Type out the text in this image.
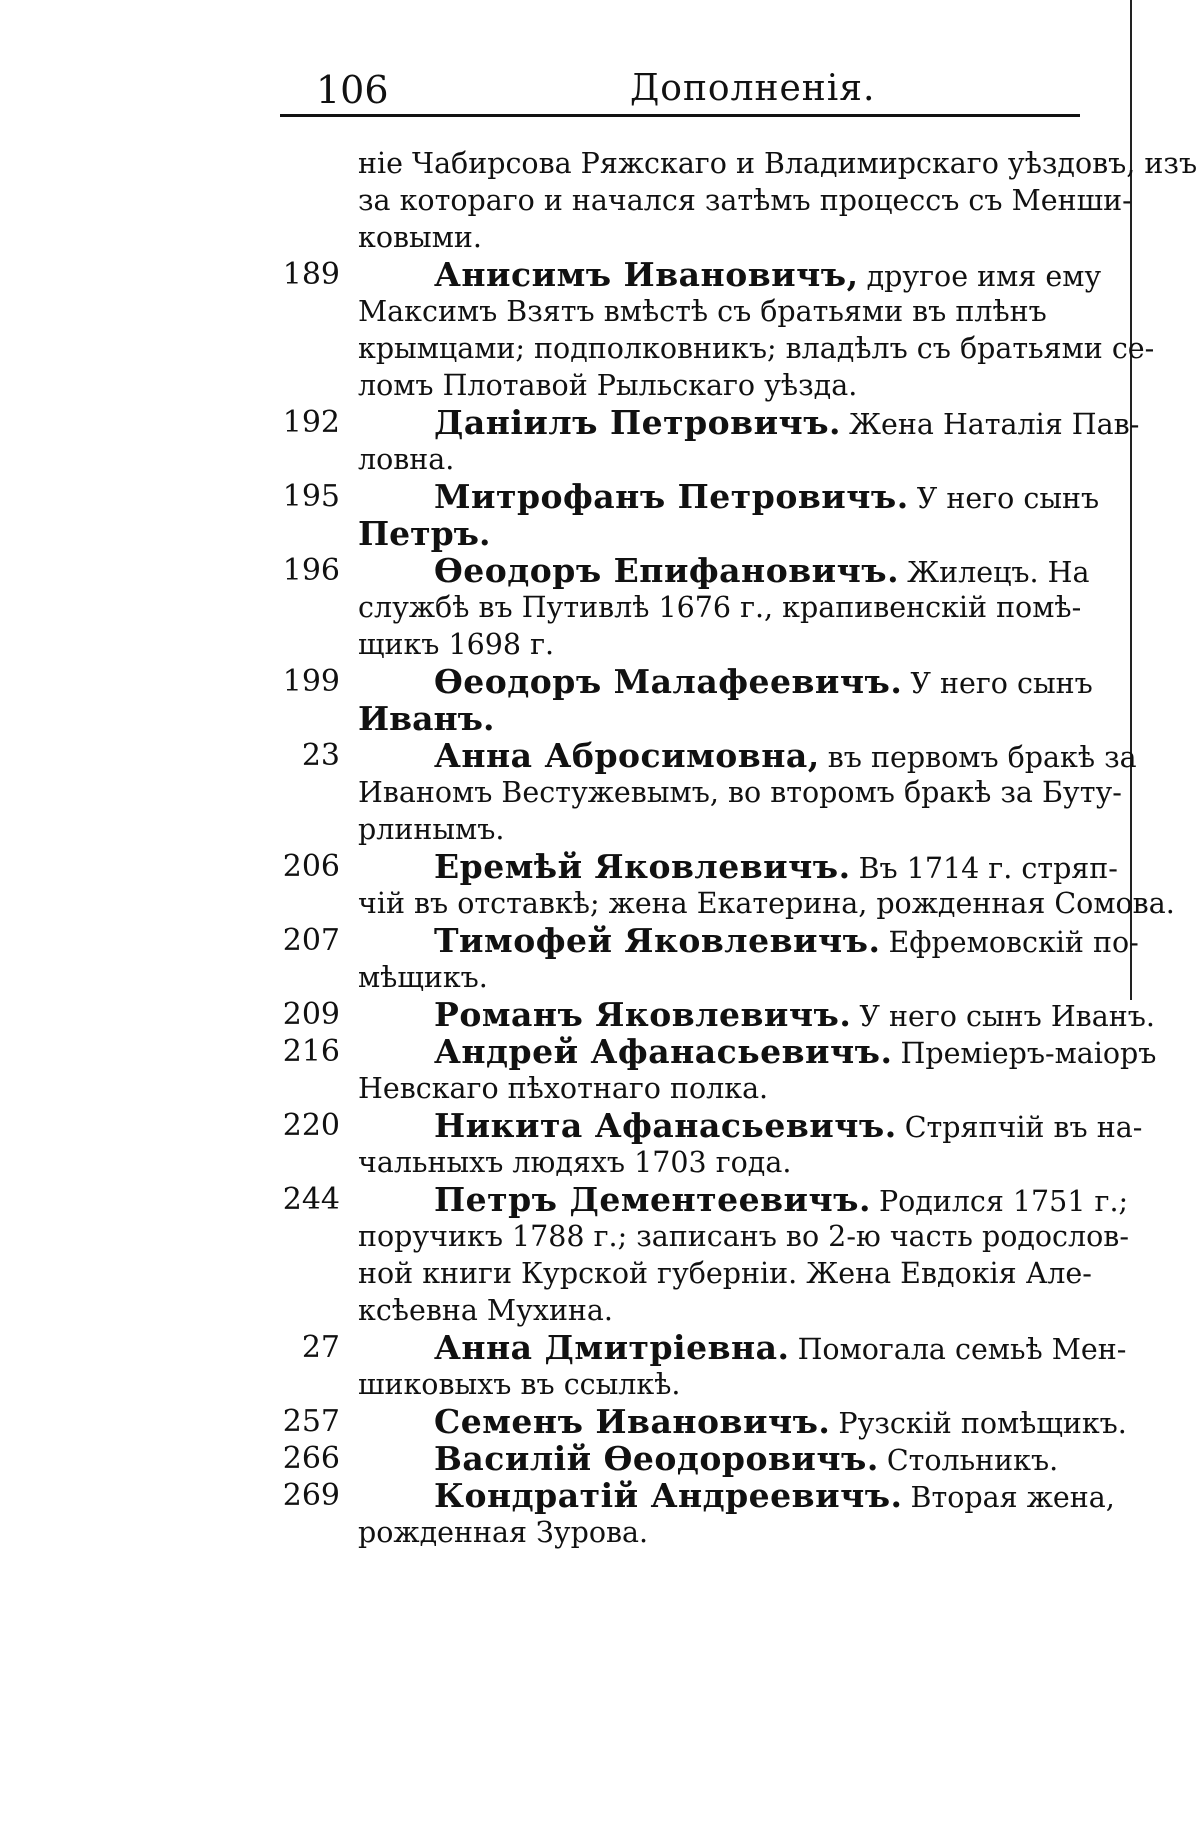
106	Дополненія.
ніе Чабирсова Ряжскаго и Владимирскаго уѣздовъ, изъ
за котораго и начался затѣмъ процессъ съ Менши-
ковыми.
189	Анисимъ Ивановичъ, другое имя ему
Максимъ Взятъ вмѣстѣ съ братьями въ плѣнъ
крымцами; подполковникъ; владѣлъ съ братьями се-
ломъ Плотавой Рыльскаго уѣзда.
192	Даніилъ Петровичъ. Жена Наталія Пав-
ловна.
195	Митрофанъ Петровичъ. У него сынъ
Петръ.
196	Ѳеодоръ Епифановичъ. Жилецъ. На
службѣ въ Путивлѣ 1676 г., крапивенскій помѣ-
щикъ 1698 г.
199	Ѳеодоръ Малафеевичъ. У него сынъ
Иванъ.
23	Анна Абросимовна, въ первомъ бракѣ за
Иваномъ Вестужевымъ, во второмъ бракѣ за Буту-
рлинымъ.
206	Еремѣй Яковлевичъ. Въ 1714 г. стряп-
чій въ отставкѣ; жена Екатерина, рожденная Сомова.
207	Тимофей Яковлевичъ. Ефремовскій по-
мѣщикъ.
209	Романъ Яковлевичъ. У него сынъ Иванъ.
216	Андрей Афанасьевичъ. Преміеръ-маіоръ
Невскаго пѣхотнаго полка.
220	Никита Афанасьевичъ. Стряпчій въ на-
чальныхъ людяхъ 1703 года.
244	Петръ Дементеевичъ. Родился 1751 г.;
поручикъ 1788 г.; записанъ во 2-ю часть родослов-
ной книги Курской губерніи. Жена Евдокія Але-
ксѣевна Мухина.
27	Анна Дмитріевна. Помогала семьѣ Мен-
шиковыхъ въ ссылкѣ.
257	Семенъ Ивановичъ. Рузскій помѣщикъ.
266	Василій Ѳеодоровичъ. Стольникъ.
269	Кондратій Андреевичъ. Вторая жена,
рожденная Зурова.
